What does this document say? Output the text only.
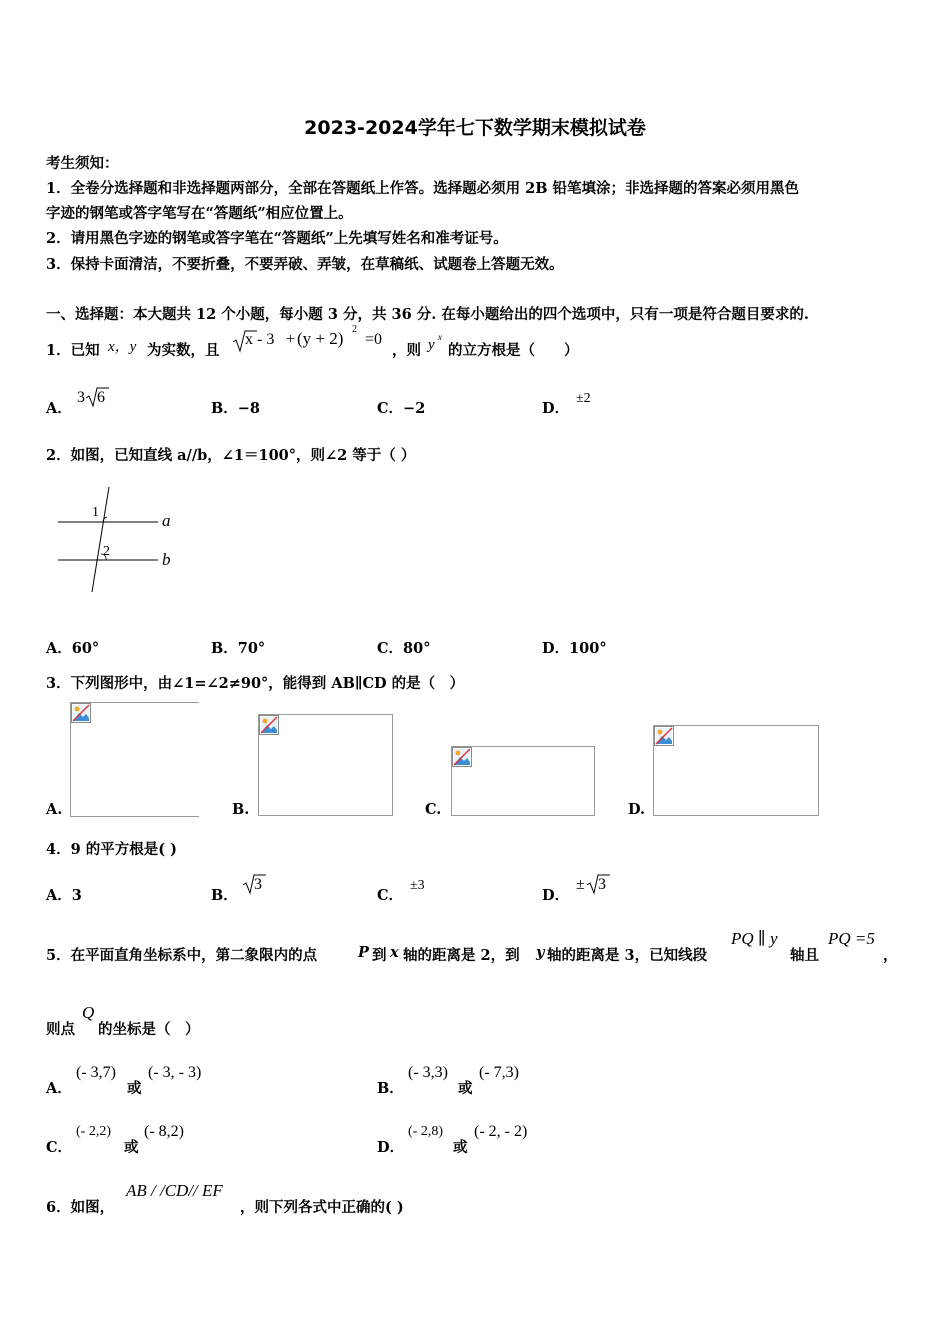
2023-2024学年七下数学期末模拟试卷
考生须知：
1．全卷分选择题和非选择题两部分，全部在答题纸上作答。选择题必须用 2B 铅笔填涂；非选择题的答案必须用黑色
字迹的钢笔或答字笔写在“答题纸”相应位置上。
2．请用黑色字迹的钢笔或答字笔在“答题纸”上先填写姓名和准考证号。
3．保持卡面清洁，不要折叠，不要弄破、弄皱，在草稿纸、试题卷上答题无效。
一、选择题：本大题共 12 个小题，每小题 3 分，共 36 分. 在每小题给出的四个选项中，只有一项是符合题目要求的.
1．已知 x，y 为实数，且
x - 3 + (y + 2) 2
=0
，则 y x
的立方根是（　　）
A．
3 6
B．−8	C．−2	D．
±2
2．如图，已知直线 a//b，∠1＝100°，则∠2 等于（ ）
1
2
a
b
A．60°	B．70°	C．80°	D．100°
3．下列图形中，由∠1=∠2≠90°，能得到 AB∥CD 的是（　）
A.	B.	C.	D.
4．9 的平方根是( )
A．3	B．
3
C．
±3
D．
± 3
5．在平面直角坐标系中，第二象限内的点	P 到 x 轴的距离是 2，到 y 轴的距离是 3，已知线段
PQ ∥ y
轴且
PQ =5
，
则点
Q
的坐标是（　）
A．
(- 3,7)
或
(- 3, - 3)
B．
(- 3,3)
或
(- 7,3)
C．
(- 2,2)
或
(- 8,2)
D．
(- 2,8)
或
(- 2, - 2)
6．如图，
AB / /CD// EF
，则下列各式中正确的( )
